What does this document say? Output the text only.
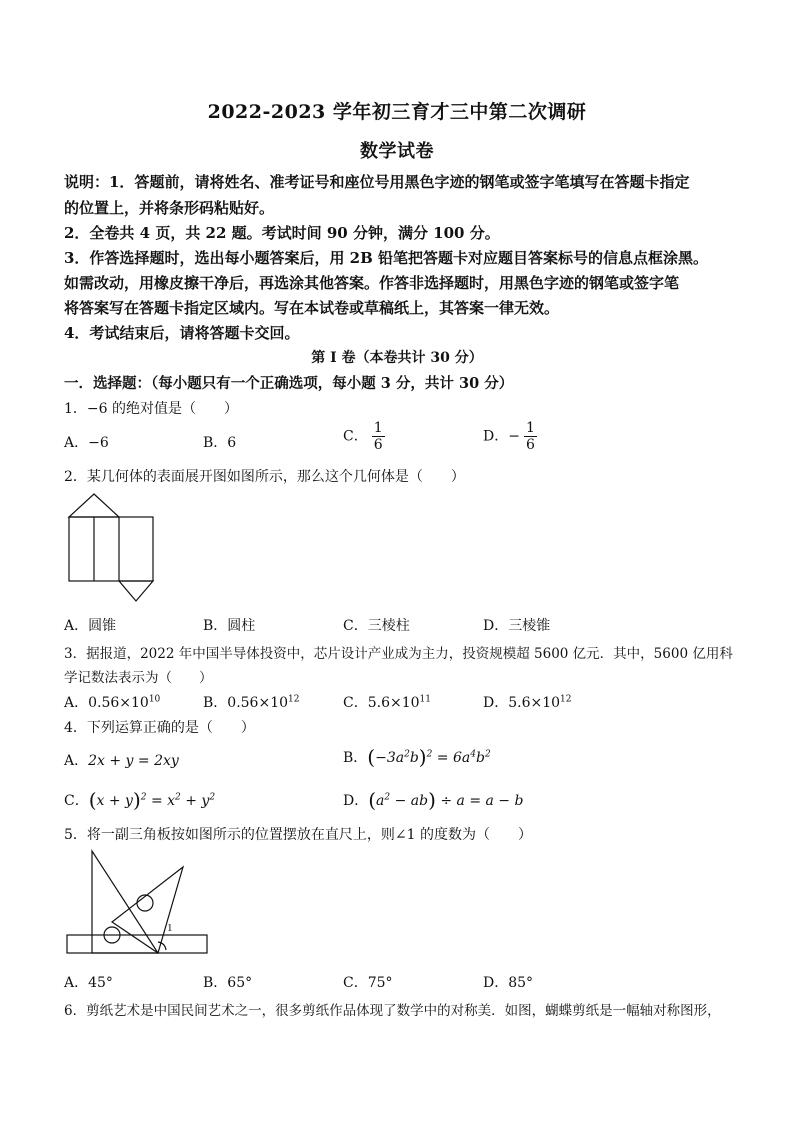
2022-2023 学年初三育才三中第二次调研
数学试卷
说明：1．答题前，请将姓名、准考证号和座位号用黑色字迹的钢笔或签字笔填写在答题卡指定
的位置上，并将条形码粘贴好。
2．全卷共 4 页，共 22 题。考试时间 90 分钟，满分 100 分。
3．作答选择题时，选出每小题答案后，用 2B 铅笔把答题卡对应题目答案标号的信息点框涂黑。
如需改动，用橡皮擦干净后，再选涂其他答案。作答非选择题时，用黑色字迹的钢笔或签字笔
将答案写在答题卡指定区域内。写在本试卷或草稿纸上，其答案一律无效。
4．考试结束后，请将答题卡交回。
第 I 卷（本卷共计 30 分）
一．选择题：（每小题只有一个正确选项，每小题 3 分，共计 30 分）
1．−6 的绝对值是（　　）
A．−6	B．6	C． $\frac{1}{6}$	D．− $\frac{1}{6}$
2．某几何体的表面展开图如图所示，那么这个几何体是（　　）
A．圆锥	B．圆柱	C．三棱柱	D．三棱锥
3．据报道，2022 年中国半导体投资中，芯片设计产业成为主力，投资规模超 5600 亿元．其中，5600 亿用科
学记数法表示为（　　）
A．$0.56\times 10^{10}$	B．$0.56\times 10^{12}$	C．$5.6\times 10^{11}$	D．$5.6\times 10^{12}$
4．下列运算正确的是（　　）
A．2x + y = 2xy	B．$(-3a^2b)^2 = 6a^4b^2$
C．$(x + y)^2 = x^2 + y^2$	D．$(a^2 - ab) \div a = a - b$
5．将一副三角板按如图所示的位置摆放在直尺上，则∠1 的度数为（　　）
1
A．45°	B．65°	C．75°	D．85°
6．剪纸艺术是中国民间艺术之一，很多剪纸作品体现了数学中的对称美．如图，蝴蝶剪纸是一幅轴对称图形，
